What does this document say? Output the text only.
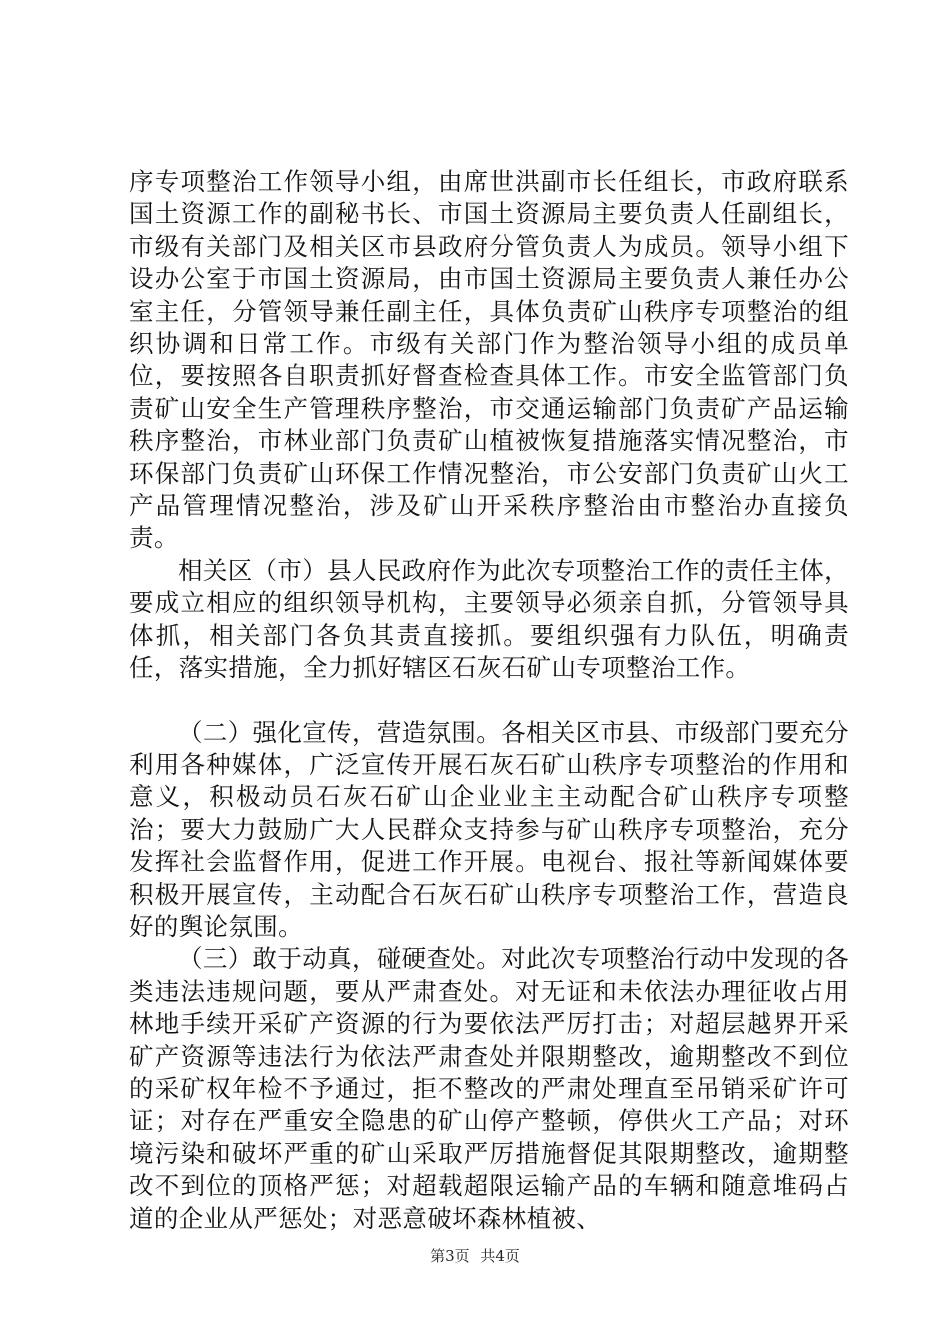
序专项整治工作领导小组，由席世洪副市长任组长，市政府联系国土资源工作的副秘书长、市国土资源局主要负责人任副组长，市级有关部门及相关区市县政府分管负责人为成员。领导小组下设办公室于市国土资源局，由市国土资源局主要负责人兼任办公室主任，分管领导兼任副主任，具体负责矿山秩序专项整治的组织协调和日常工作。市级有关部门作为整治领导小组的成员单位，要按照各自职责抓好督查检查具体工作。市安全监管部门负责矿山安全生产管理秩序整治，市交通运输部门负责矿产品运输秩序整治，市林业部门负责矿山植被恢复措施落实情况整治，市环保部门负责矿山环保工作情况整治，市公安部门负责矿山火工产品管理情况整治，涉及矿山开采秩序整治由市整治办直接负责。

相关区（市）县人民政府作为此次专项整治工作的责任主体，要成立相应的组织领导机构，主要领导必须亲自抓，分管领导具体抓，相关部门各负其责直接抓。要组织强有力队伍，明确责任，落实措施，全力抓好辖区石灰石矿山专项整治工作。

（二）强化宣传，营造氛围。各相关区市县、市级部门要充分利用各种媒体，广泛宣传开展石灰石矿山秩序专项整治的作用和意义，积极动员石灰石矿山企业业主主动配合矿山秩序专项整治；要大力鼓励广大人民群众支持参与矿山秩序专项整治，充分发挥社会监督作用，促进工作开展。电视台、报社等新闻媒体要积极开展宣传，主动配合石灰石矿山秩序专项整治工作，营造良好的舆论氛围。

（三）敢于动真，碰硬查处。对此次专项整治行动中发现的各类违法违规问题，要从严肃查处。对无证和未依法办理征收占用林地手续开采矿产资源的行为要依法严厉打击；对超层越界开采矿产资源等违法行为依法严肃查处并限期整改，逾期整改不到位的采矿权年检不予通过，拒不整改的严肃处理直至吊销采矿许可证；对存在严重安全隐患的矿山停产整顿，停供火工产品；对环境污染和破坏严重的矿山采取严厉措施督促其限期整改，逾期整改不到位的顶格严惩；对超载超限运输产品的车辆和随意堆码占道的企业从严惩处；对恶意破坏森林植被、

第3页 共4页
